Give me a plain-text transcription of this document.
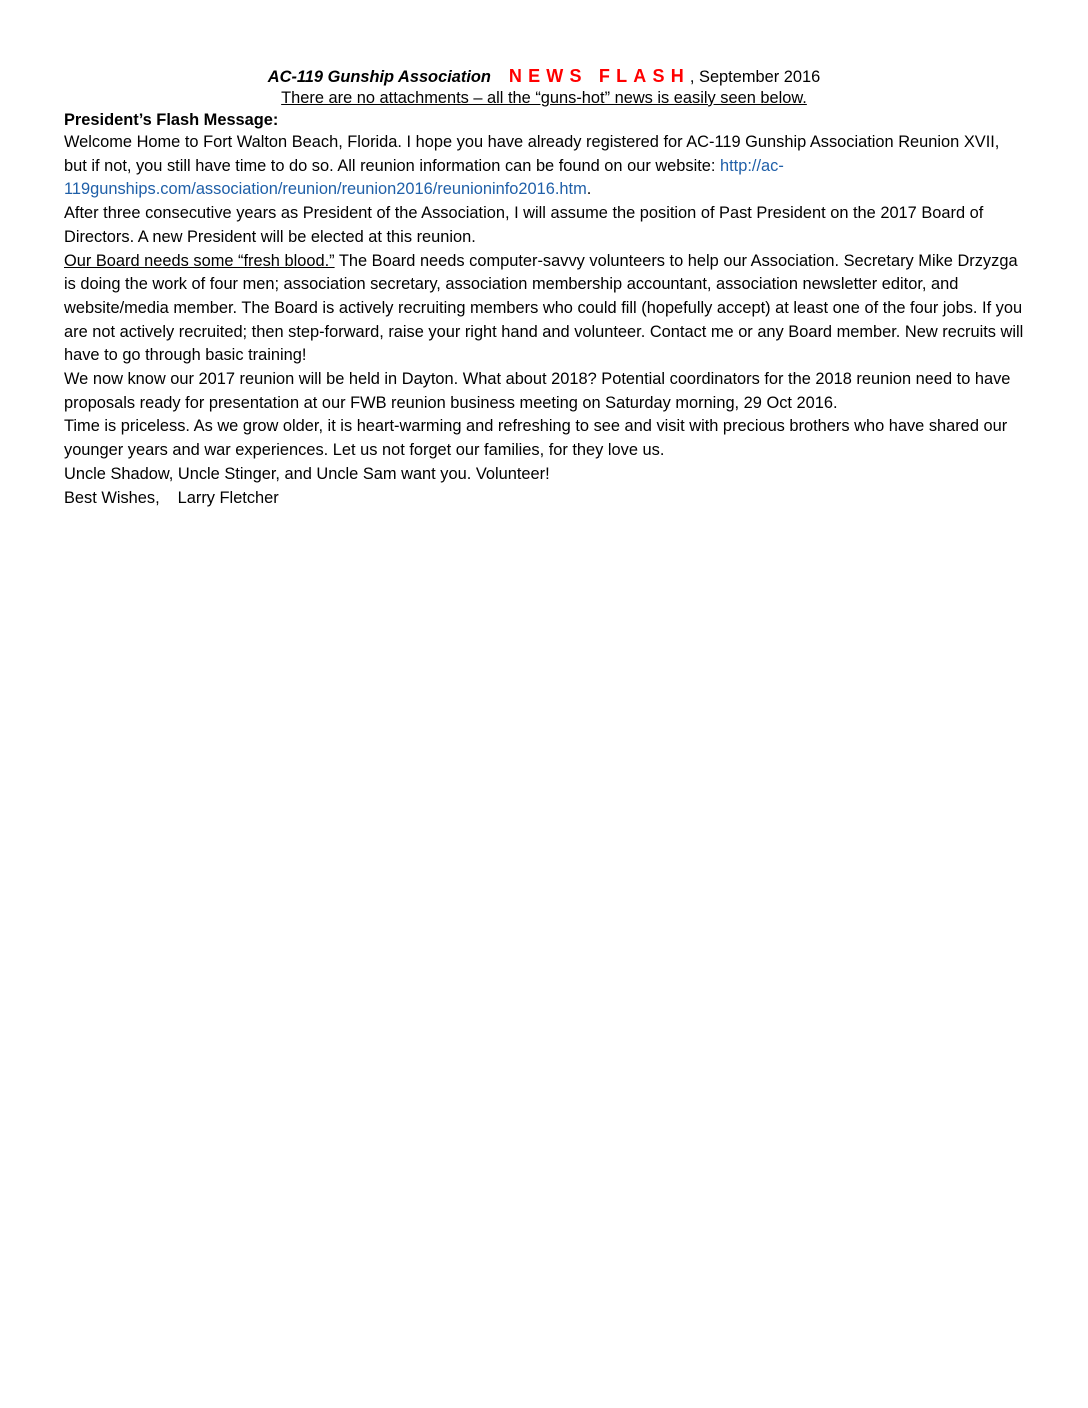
AC-119 Gunship Association NEWS FLASH, September 2016
There are no attachments – all the “guns-hot” news is easily seen below.
President’s Flash Message:

Welcome Home to Fort Walton Beach, Florida. I hope you have already registered for AC-119 Gunship Association Reunion XVII, but if not, you still have time to do so. All reunion information can be found on our website: http://ac-119gunships.com/association/reunion/reunion2016/reunioninfo2016.htm.

After three consecutive years as President of the Association, I will assume the position of Past President on the 2017 Board of Directors. A new President will be elected at this reunion.

Our Board needs some “fresh blood.” The Board needs computer-savvy volunteers to help our Association. Secretary Mike Drzyzga is doing the work of four men; association secretary, association membership accountant, association newsletter editor, and website/media member. The Board is actively recruiting members who could fill (hopefully accept) at least one of the four jobs. If you are not actively recruited; then step-forward, raise your right hand and volunteer. Contact me or any Board member. New recruits will have to go through basic training!

We now know our 2017 reunion will be held in Dayton. What about 2018? Potential coordinators for the 2018 reunion need to have proposals ready for presentation at our FWB reunion business meeting on Saturday morning, 29 Oct 2016.

Time is priceless. As we grow older, it is heart-warming and refreshing to see and visit with precious brothers who have shared our younger years and war experiences. Let us not forget our families, for they love us.

Uncle Shadow, Uncle Stinger, and Uncle Sam want you. Volunteer!

Best Wishes, Larry Fletcher
